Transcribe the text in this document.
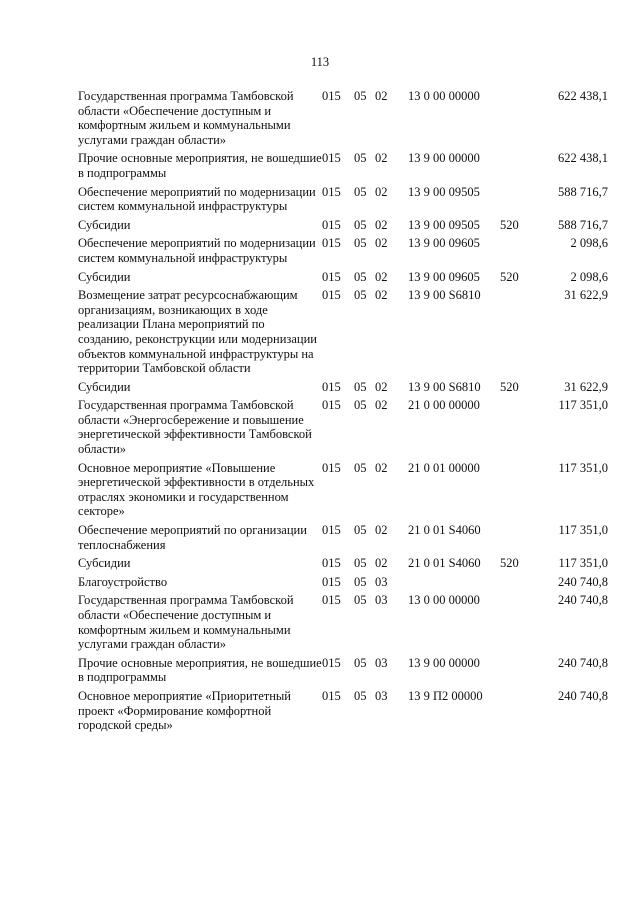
113
Государственная программа Тамбовской области «Обеспечение доступным и комфортным жильем и коммунальными услугами граждан области»	015	05	02	13 0 00 00000		622 438,1
Прочие основные мероприятия, не вошедшие в подпрограммы	015	05	02	13 9 00 00000		622 438,1
Обеспечение мероприятий по модернизации систем коммунальной инфраструктуры	015	05	02	13 9 00 09505		588 716,7
Субсидии	015	05	02	13 9 00 09505	520	588 716,7
Обеспечение мероприятий по модернизации систем коммунальной инфраструктуры	015	05	02	13 9 00 09605		2 098,6
Субсидии	015	05	02	13 9 00 09605	520	2 098,6
Возмещение затрат ресурсоснабжающим организациям, возникающих в ходе реализации Плана мероприятий по созданию, реконструкции или модернизации объектов коммунальной инфраструктуры на территории Тамбовской области	015	05	02	13 9 00 S6810		31 622,9
Субсидии	015	05	02	13 9 00 S6810	520	31 622,9
Государственная программа Тамбовской области «Энергосбережение и повышение энергетической эффективности Тамбовской области»	015	05	02	21 0 00 00000		117 351,0
Основное мероприятие «Повышение энергетической эффективности в отдельных отраслях экономики и государственном секторе»	015	05	02	21 0 01 00000		117 351,0
Обеспечение мероприятий по организации теплоснабжения	015	05	02	21 0 01 S4060		117 351,0
Субсидии	015	05	02	21 0 01 S4060	520	117 351,0
Благоустройство	015	05	03			240 740,8
Государственная программа Тамбовской области «Обеспечение доступным и комфортным жильем и коммунальными услугами граждан области»	015	05	03	13 0 00 00000		240 740,8
Прочие основные мероприятия, не вошедшие в подпрограммы	015	05	03	13 9 00 00000		240 740,8
Основное мероприятие «Приоритетный проект «Формирование комфортной городской среды»	015	05	03	13 9 П2 00000		240 740,8
